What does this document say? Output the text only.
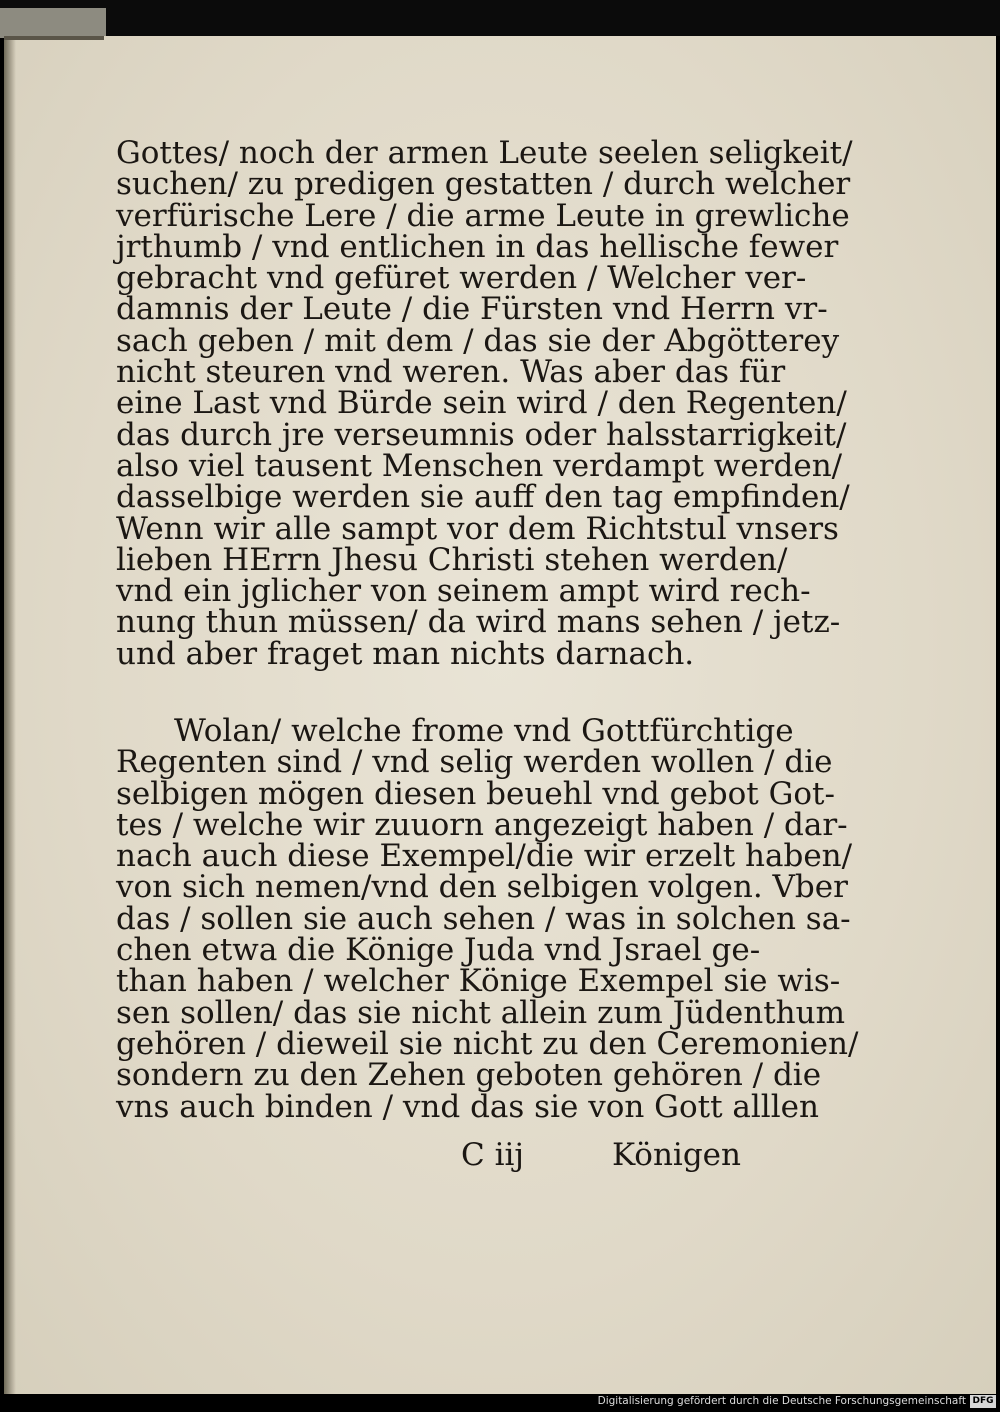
Gottes/ noch der armen Leute seelen seligkeit/
suchen/ zu predigen gestatten / durch welcher
verfürische Lere / die arme Leute in grewliche
jrthumb / vnd entlichen in das hellische fewer
gebracht vnd gefüret werden / Welcher ver-
damnis der Leute / die Fürsten vnd Herrn vr-
sach geben / mit dem / das sie der Abgötterey
nicht steuren vnd weren. Was aber das für
eine Last vnd Bürde sein wird / den Regenten/
das durch jre verseumnis oder halsstarrigkeit/
also viel tausent Menschen verdampt werden/
dasselbige werden sie auff den tag empfinden/
Wenn wir alle sampt vor dem Richtstul vnsers
lieben HErrn Jhesu Christi stehen werden/
vnd ein jglicher von seinem ampt wird rech-
nung thun müssen/ da wird mans sehen / jetz-
und aber fraget man nichts darnach.
Wolan/ welche frome vnd Gottfürchtige
Regenten sind / vnd selig werden wollen / die
selbigen mögen diesen beuehl vnd gebot Got-
tes / welche wir zuuorn angezeigt haben / dar-
nach auch diese Exempel/die wir erzelt haben/
von sich nemen/vnd den selbigen volgen. Vber
das / sollen sie auch sehen / was in solchen sa-
chen etwa die Könige Juda vnd Jsrael ge-
than haben / welcher Könige Exempel sie wis-
sen sollen/ das sie nicht allein zum Jüdenthum
gehören / dieweil sie nicht zu den Ceremonien/
sondern zu den Zehen geboten gehören / die
vns auch binden / vnd das sie von Gott alllen
C iij	Königen
Digitalisierung gefördert durch die Deutsche Forschungsgemeinschaft DFG
